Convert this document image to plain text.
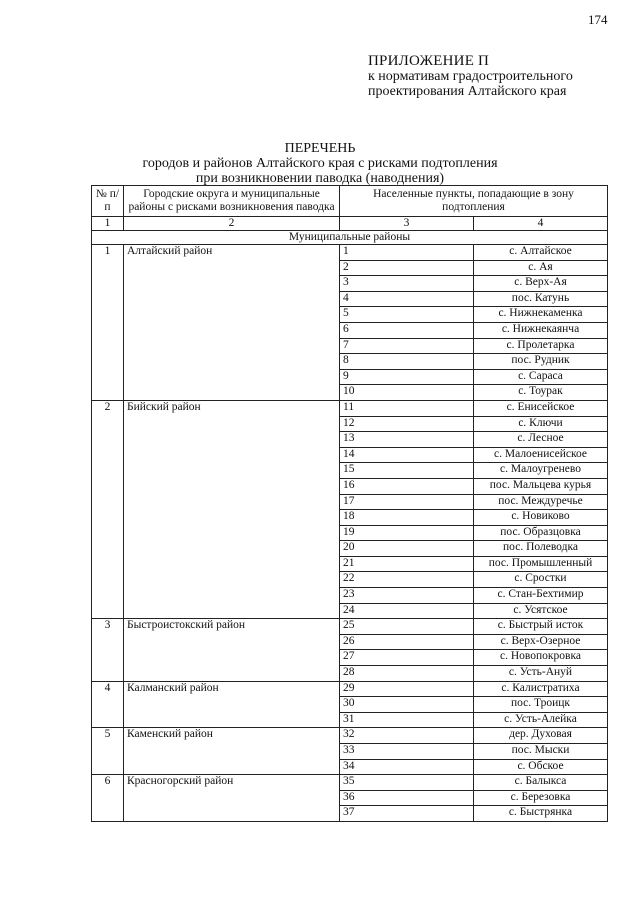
174
ПРИЛОЖЕНИЕ П
к нормативам градостроительного
проектирования Алтайского края
ПЕРЕЧЕНЬ
городов и районов Алтайского края с рисками подтопления
при возникновении паводка (наводнения)
№ п/п	Городские округа и муниципальные районы с рисками возникновения паводка	Населенные пункты, попадающие в зону подтопления	
1	2	3	4
Муниципальные районы			
1	Алтайский район	1	с. Алтайское
		2	с. Ая
		3	с. Верх-Ая
		4	пос. Катунь
		5	с. Нижнекаменка
		6	с. Нижнекаянча
		7	с. Пролетарка
		8	пос. Рудник
		9	с. Сараса
		10	с. Тоурак
2	Бийский район	11	с. Енисейское
		12	с. Ключи
		13	с. Лесное
		14	с. Малоенисейское
		15	с. Малоугренево
		16	пос. Мальцева курья
		17	пос. Междуречье
		18	с. Новиково
		19	пос. Образцовка
		20	пос. Полеводка
		21	пос. Промышленный
		22	с. Сростки
		23	с. Стан-Бехтимир
		24	с. Усятское
3	Быстроистокский район	25	с. Быстрый исток
		26	с. Верх-Озерное
		27	с. Новопокровка
		28	с. Усть-Ануй
4	Калманский район	29	с. Калистратиха
		30	пос. Троицк
		31	с. Усть-Алейка
5	Каменский район	32	дер. Духовая
		33	пос. Мыски
		34	с. Обское
6	Красногорский район	35	с. Балыкса
		36	с. Березовка
		37	с. Быстрянка
